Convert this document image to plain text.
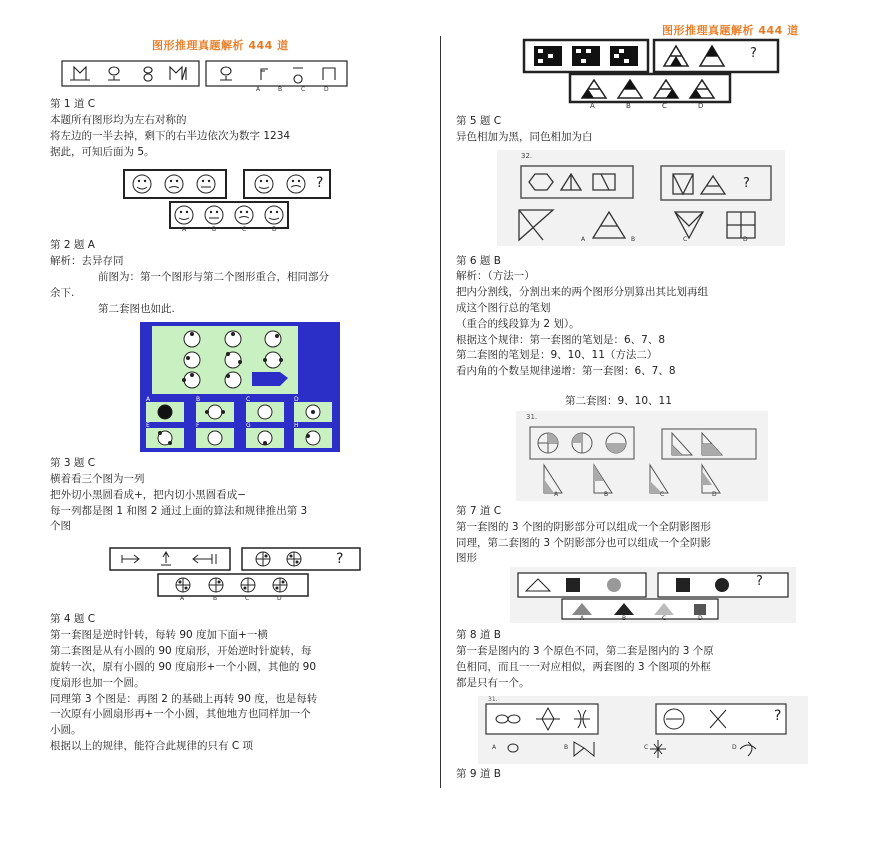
图形推理真题解析 444 道
图形推理真题解析 444 道
A	B	C	D
第 1 道 C
本题所有图形均为左右对称的
将左边的一半去掉，剩下的右半边依次为数字 1234
据此，可知后面为 5。
?
A	B	C	D
第 2 题 A
解析：去异存同
前图为：第一个图形与第二个图形重合，相同部分
余下.
第二套图也如此.
A	B	C	D
E	F	G	H
第 3 题 C
横着看三个图为一列
把外切小黑圆看成+，把内切小黑圆看成−
每一列都是图 1 和图 2 通过上面的算法和规律推出第 3
个图
?
A	B	C	D
第 4 题 C
第一套图是逆时针转，每转 90 度加下面+一横
第二套图是从有小圆的 90 度扇形，开始逆时针旋转，每
旋转一次，原有小圆的 90 度扇形+一个小圆，其他的 90
度扇形也加一个圆。
同理第 3 个图是：再图 2 的基础上再转 90 度，也是每转
一次原有小圆扇形再+一个小圆，其他地方也同样加一个
小圆。
根据以上的规律，能符合此规律的只有 C 项
?
A	B	C	D
第 5 题 C
异色相加为黑，同色相加为白
32.
?
A	B	C	D
第 6 题 B
解析：（方法一）
把内分割线，分割出来的两个图形分别算出其比划再组
成这个图行总的笔划
（重合的线段算为 2 划）。
根据这个规律：第一套图的笔划是：6、7、8
第二套图的笔划是：9、10、11（方法二）
看内角的个数呈规律递增：第一套图：6、7、8
第二套图：9、10、11
31.
A	B	C	D
第 7 道 C
第一套图的 3 个图的阴影部分可以组成一个全阴影图形
同理，第二套图的 3 个阴影部分也可以组成一个全阴影
图形
?
A	B	C	D
第 8 道 B
第一套是图内的 3 个原色不同，第二套是图内的 3 个原
色相同，而且一一对应相似，两套图的 3 个图项的外框
都是只有一个。
31.
?
A	B	C	D
第 9 道 B
